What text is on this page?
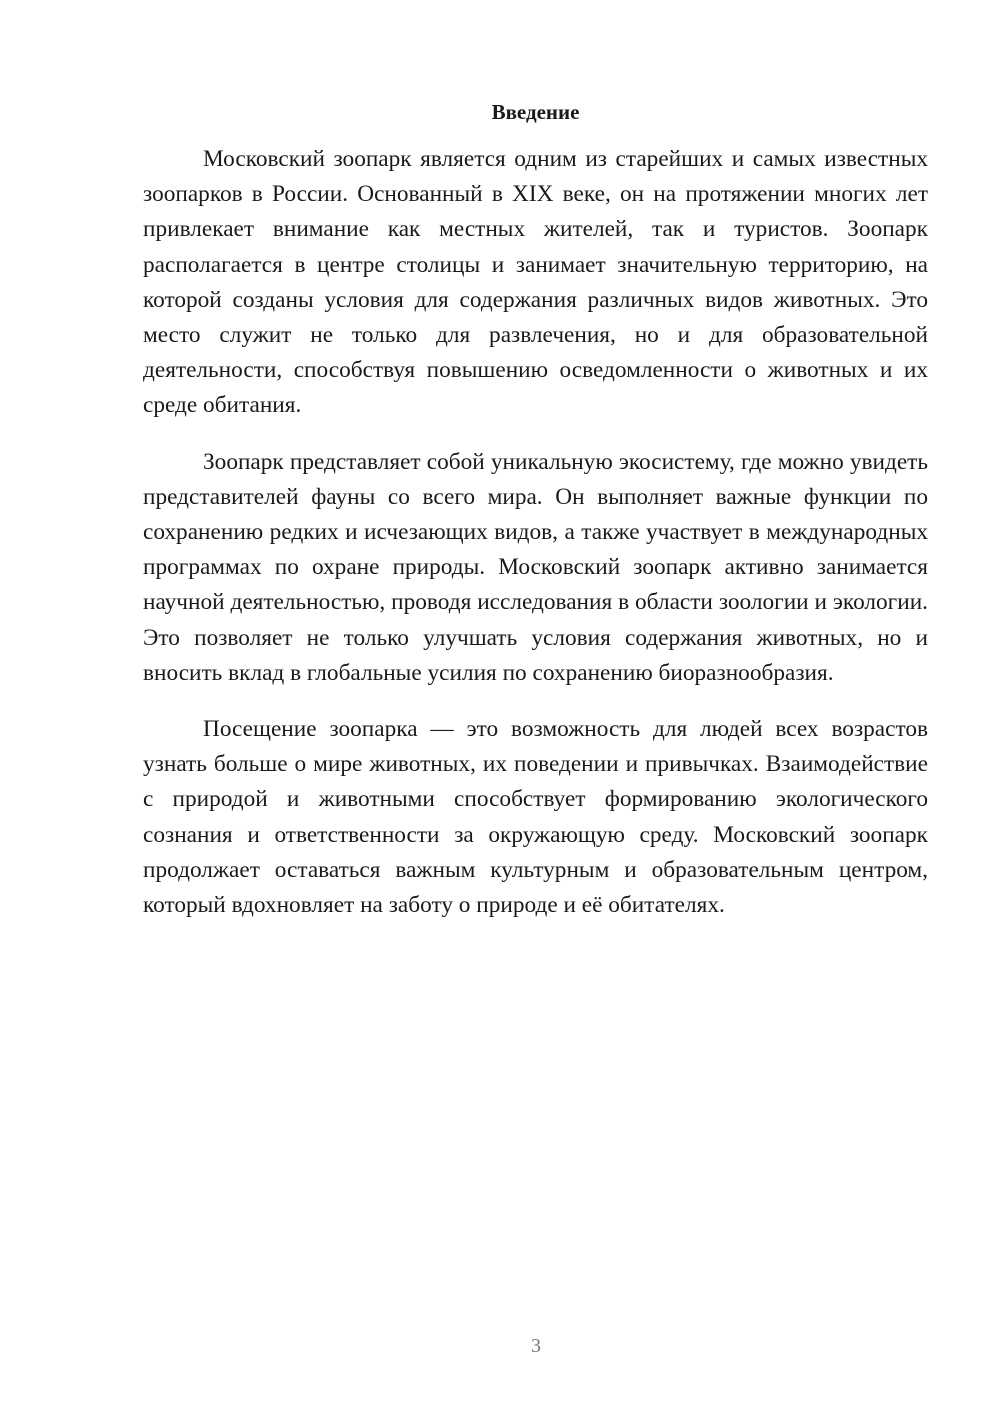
Введение

Московский зоопарк является одним из старейших и самых известных зоопарков в России. Основанный в XIX веке, он на протяжении многих лет привлекает внимание как местных жителей, так и туристов. Зоопарк располагается в центре столицы и занимает значительную территорию, на которой созданы условия для содержания различных видов животных. Это место служит не только для развлечения, но и для образовательной деятельности, способствуя повышению осведомленности о животных и их среде обитания.

Зоопарк представляет собой уникальную экосистему, где можно увидеть представителей фауны со всего мира. Он выполняет важные функции по сохранению редких и исчезающих видов, а также участвует в международных программах по охране природы. Московский зоопарк активно занимается научной деятельностью, проводя исследования в области зоологии и экологии. Это позволяет не только улучшать условия содержания животных, но и вносить вклад в глобальные усилия по сохранению биоразнообразия.

Посещение зоопарка — это возможность для людей всех возрастов узнать больше о мире животных, их поведении и привычках. Взаимодействие с природой и животными способствует формированию экологического сознания и ответственности за окружающую среду. Московский зоопарк продолжает оставаться важным культурным и образовательным центром, который вдохновляет на заботу о природе и её обитателях.

3
